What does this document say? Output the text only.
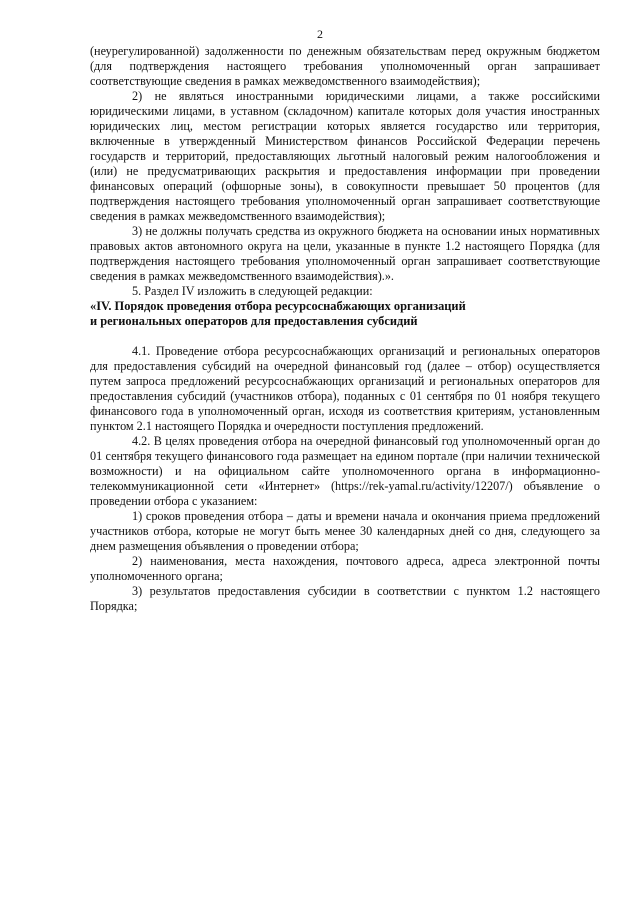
2

(неурегулированной) задолженности по денежным обязательствам перед окружным бюджетом (для подтверждения настоящего требования уполномоченный орган запрашивает соответствующие сведения в рамках межведомственного взаимодействия);

2) не являться иностранными юридическими лицами, а также российскими юридическими лицами, в уставном (складочном) капитале которых доля участия иностранных юридических лиц, местом регистрации которых является государство или территория, включенные в утвержденный Министерством финансов Российской Федерации перечень государств и территорий, предоставляющих льготный налоговый режим налогообложения и (или) не предусматривающих раскрытия и предоставления информации при проведении финансовых операций (офшорные зоны), в совокупности превышает 50 процентов (для подтверждения настоящего требования уполномоченный орган запрашивает соответствующие сведения в рамках межведомственного взаимодействия);

3) не должны получать средства из окружного бюджета на основании иных нормативных правовых актов автономного округа на цели, указанные в пункте 1.2 настоящего Порядка (для подтверждения настоящего требования уполномоченный орган запрашивает соответствующие сведения в рамках межведомственного взаимодействия).».

5. Раздел IV изложить в следующей редакции:

«IV. Порядок проведения отбора ресурсоснабжающих организаций

и региональных операторов для предоставления субсидий

4.1. Проведение отбора ресурсоснабжающих организаций и региональных операторов для предоставления субсидий на очередной финансовый год (далее – отбор) осуществляется путем запроса предложений ресурсоснабжающих организаций и региональных операторов для предоставления субсидий (участников отбора), поданных с 01 сентября по 01 ноября текущего финансового года в уполномоченный орган, исходя из соответствия критериям, установленным пунктом 2.1 настоящего Порядка и очередности поступления предложений.

4.2. В целях проведения отбора на очередной финансовый год уполномоченный орган до 01 сентября текущего финансового года размещает на едином портале (при наличии технической возможности) и на официальном сайте уполномоченного органа в информационно-телекоммуникационной сети «Интернет» (https://rek-yamal.ru/activity/12207/) объявление о проведении отбора с указанием:

1) сроков проведения отбора – даты и времени начала и окончания приема предложений участников отбора, которые не могут быть менее 30 календарных дней со дня, следующего за днем размещения объявления о проведении отбора;

2) наименования, места нахождения, почтового адреса, адреса электронной почты уполномоченного органа;

3) результатов предоставления субсидии в соответствии с пунктом 1.2 настоящего Порядка;
